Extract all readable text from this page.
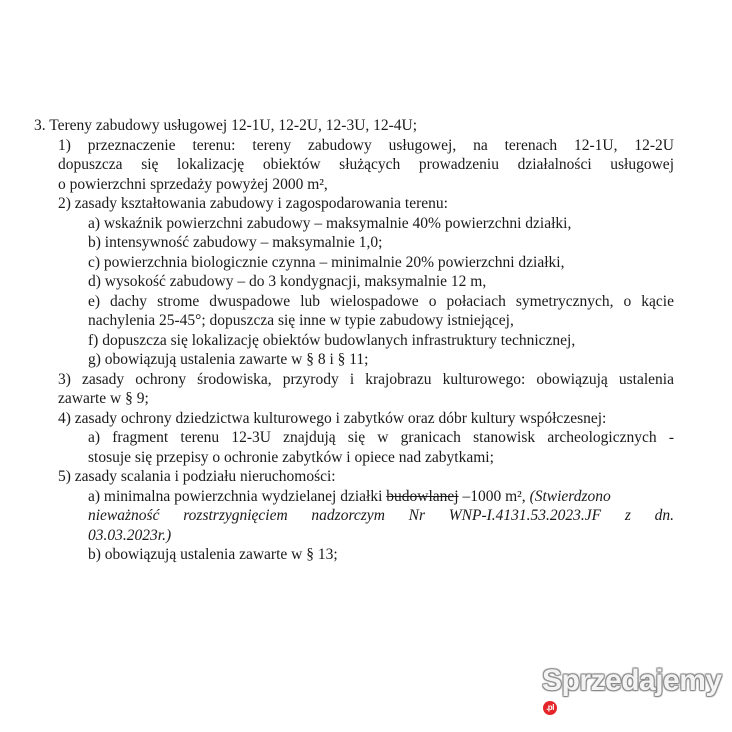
3. Tereny zabudowy usługowej 12-1U, 12-2U, 12-3U, 12-4U;
1) przeznaczenie terenu: tereny zabudowy usługowej, na terenach 12-1U, 12-2U
dopuszcza się lokalizację obiektów służących prowadzeniu działalności usługowej
o powierzchni sprzedaży powyżej 2000 m²,
2) zasady kształtowania zabudowy i zagospodarowania terenu:
a) wskaźnik powierzchni zabudowy – maksymalnie 40% powierzchni działki,
b) intensywność zabudowy – maksymalnie 1,0;
c) powierzchnia biologicznie czynna – minimalnie 20% powierzchni działki,
d) wysokość zabudowy – do 3 kondygnacji, maksymalnie 12 m,
e) dachy strome dwuspadowe lub wielospadowe o połaciach symetrycznych, o kącie
nachylenia 25-45°; dopuszcza się inne w typie zabudowy istniejącej,
f) dopuszcza się lokalizację obiektów budowlanych infrastruktury technicznej,
g) obowiązują ustalenia zawarte w § 8 i § 11;
3) zasady ochrony środowiska, przyrody i krajobrazu kulturowego: obowiązują ustalenia
zawarte w § 9;
4) zasady ochrony dziedzictwa kulturowego i zabytków oraz dóbr kultury współczesnej:
a) fragment terenu 12-3U znajdują się w granicach stanowisk archeologicznych -
stosuje się przepisy o ochronie zabytków i opiece nad zabytkami;
5) zasady scalania i podziału nieruchomości:
a) minimalna powierzchnia wydzielanej działki budowlanej –1000 m², (Stwierdzono
nieważność rozstrzygnięciem nadzorczym Nr WNP-I.4131.53.2023.JF z dn.
03.03.2023r.)
b) obowiązują ustalenia zawarte w § 13;
Sprzedajemy.pl
